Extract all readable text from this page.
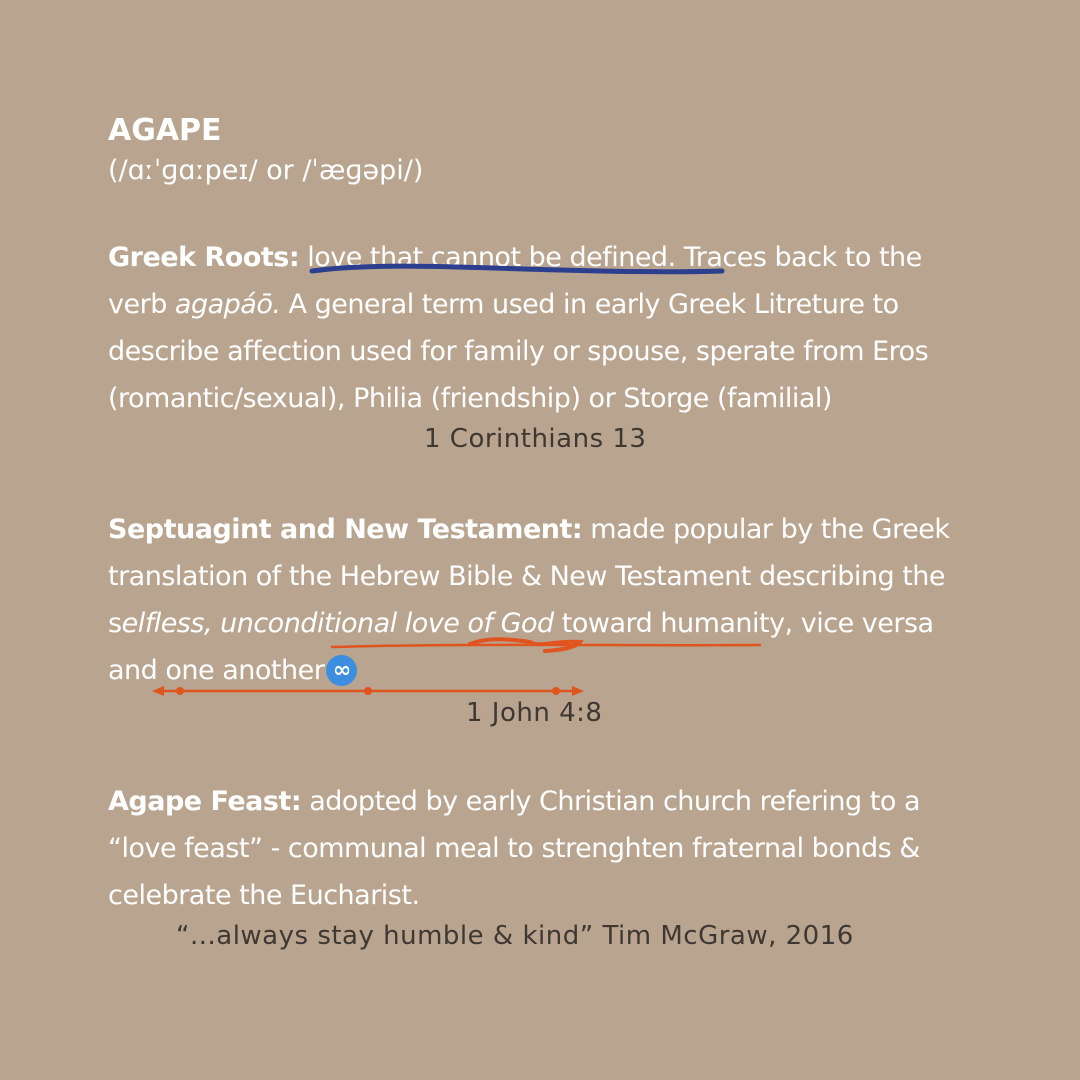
AGAPE
(/ɑːˈɡɑːpeɪ/ or /ˈæɡəpi/)
Greek Roots: love that cannot be defined. Traces back to the verb agapáō. A general term used in early Greek Litreture to describe affection used for family or spouse, sperate from Eros (romantic/sexual), Philia (friendship) or Storge (familial)
1 Corinthians 13
Septuagint and New Testament: made popular by the Greek translation of the Hebrew Bible & New Testament describing the selfless, unconditional love of God toward humanity, vice versa and one another ∞
1 John 4:8
Agape Feast: adopted by early Christian church refering to a “love feast” - communal meal to strenghten fraternal bonds & celebrate the Eucharist.
“...always stay humble & kind” Tim McGraw, 2016
